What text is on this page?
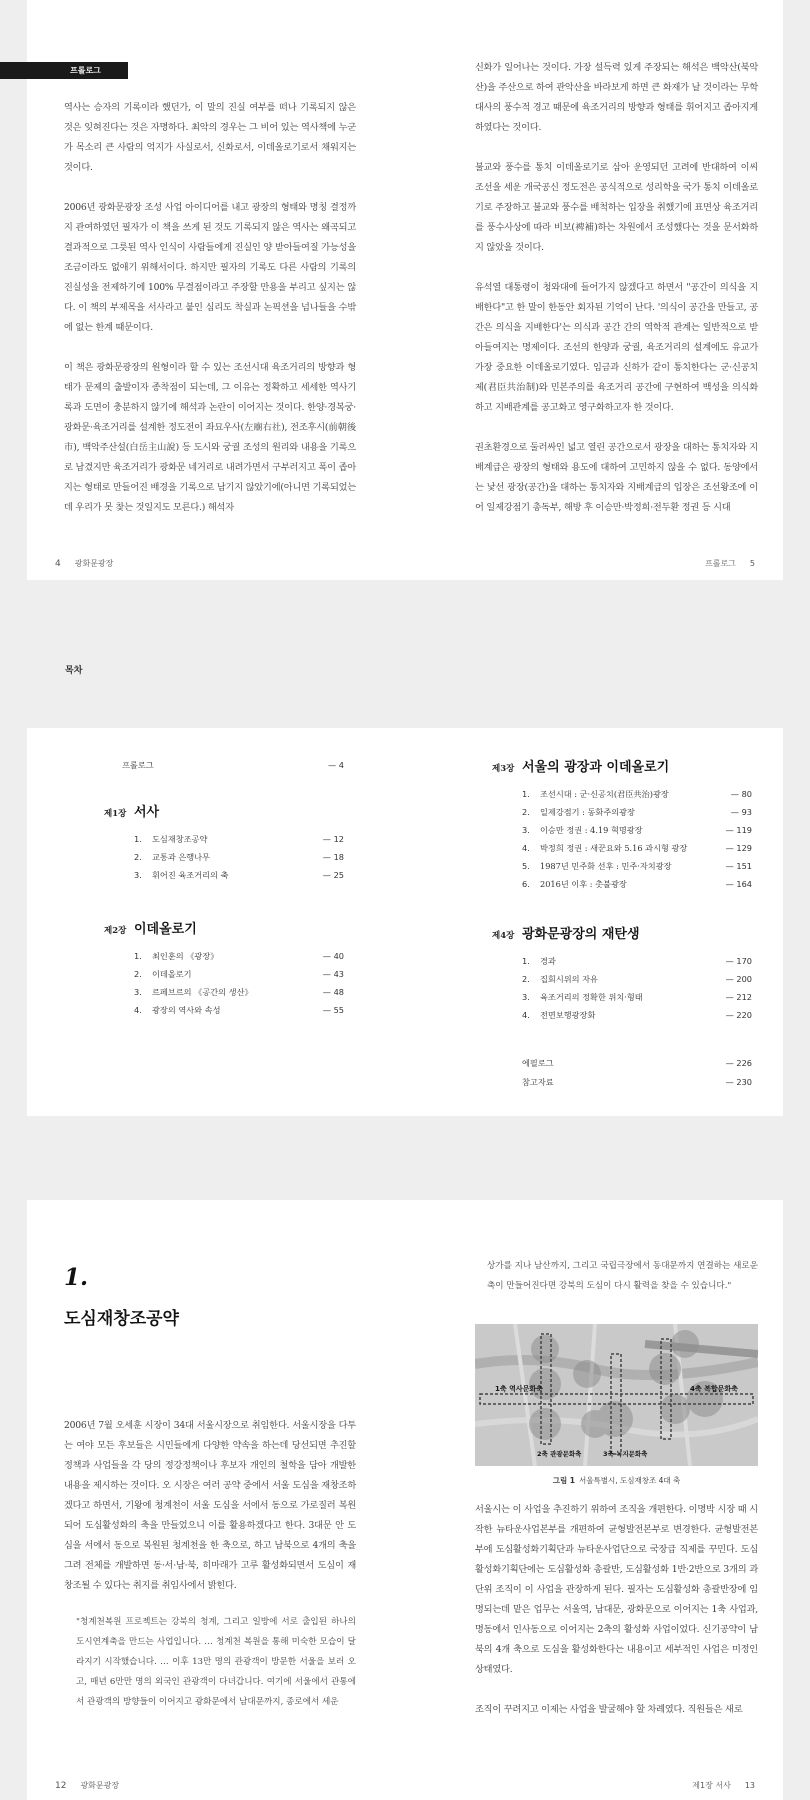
프롤로그

역사는 승자의 기록이라 했던가, 이 말의 진실 여부를 떠나 기록되지 않은 것은 잊혀진다는 것은 자명하다. 최악의 경우는 그 비어 있는 역사책에 누군가 목소리 큰 사람의 억지가 사실로서, 신화로서, 이데올로기로서 채워지는 것이다.

2006년 광화문광장 조성 사업 아이디어를 내고 광장의 형태와 명칭 결정까지 관여하였던 필자가 이 책을 쓰게 된 것도 기록되지 않은 역사는 왜곡되고 결과적으로 그릇된 역사 인식이 사람들에게 진실인 양 받아들여질 가능성을 조금이라도 없애기 위해서이다. 하지만 필자의 기록도 다른 사람의 기록의 진실성을 전제하기에 100% 무결점이라고 주장할 만용을 부리고 싶지는 않다. 이 책의 부제목을 서사라고 붙인 심리도 착실과 논픽션을 넘나들을 수밖에 없는 한계 때문이다.

이 책은 광화문광장의 원형이라 할 수 있는 조선시대 육조거리의 방향과 형태가 문제의 출발이자 종착점이 되는데, 그 이유는 정확하고 세세한 역사기록과 도면이 충분하지 않기에 해석과 논란이 이어지는 것이다. 한양·경복궁·광화문·육조거리를 설계한 정도전이 좌묘우사(左廟右社), 전조후시(前朝後市), 백악주산설(白岳主山說) 등 도시와 궁궐 조성의 원리와 내용을 기록으로 남겼지만 육조거리가 광화문 네거리로 내려가면서 구부러지고 폭이 좁아지는 형태로 만들어진 배경을 기록으로 남기지 않았기에(아니면 기록되었는데 우리가 못 찾는 것일지도 모른다.) 해석자

신화가 일어나는 것이다. 가장 설득력 있게 주장되는 해석은 백악산(북악산)을 주산으로 하여 관악산을 바라보게 하면 큰 화재가 날 것이라는 무학대사의 풍수적 경고 때문에 육조거리의 방향과 형태를 휘어지고 좁아지게 하였다는 것이다.

불교와 풍수를 통치 이데올로기로 삼아 운영되던 고려에 반대하여 이씨 조선을 세운 개국공신 정도전은 공식적으로 성리학을 국가 통치 이데올로기로 주장하고 불교와 풍수를 배척하는 입장을 취했기에 표면상 육조거리를 풍수사상에 따라 비보(裨補)하는 차원에서 조성했다는 것을 문서화하지 않았을 것이다.

유석열 대통령이 청와대에 들어가지 않겠다고 하면서 "공간이 의식을 지배한다"고 한 말이 한동안 회자된 기억이 난다. '의식이 공간을 만들고, 공간은 의식을 지배한다'는 의식과 공간 간의 역학적 관계는 일반적으로 받아들여지는 명제이다. 조선의 한양과 궁궐, 육조거리의 설계에도 유교가 가장 중요한 이데올로기였다. 임금과 신하가 같이 통치한다는 군·신공치제(君臣共治制)와 민본주의를 육조거리 공간에 구현하여 백성을 의식화하고 지배관계를 공고화고 영구화하고자 한 것이다.

권초환경으로 둘러싸인 넓고 열린 공간으로서 광장을 대하는 통치자와 지배계급은 광장의 형태와 용도에 대하여 고민하지 않을 수 없다. 동양에서는 낯선 광장(공간)을 대하는 통치자와 지배계급의 입장은 조선왕조에 이어 일제강점기 총독부, 해방 후 이승만·박정희·전두환 정권 등 시대

4 광화문광장	프롤로그 5
목차
프롤로그	— 4
제1장 서사
1.	도심재창조공약	— 12
2.	교통과 은행나무	— 18
3.	휘어진 육조거리의 축	— 25
제2장 이데올로기
1.	최인훈의 《광장》	— 40
2.	이데올로기	— 43
3.	르페브르의 《공간의 생산》	— 48
4.	광장의 역사와 속성	— 55
제3장 서울의 광장과 이데올로기
1.	조선시대 : 군·신공치(君臣共治)광장	— 80
2.	일제강점기 : 동화주의광장	— 93
3.	이승만 정권 : 4.19 혁명광장	— 119
4.	박정희 정권 : 새꾼요와 5.16 과시형 광장	— 129
5.	1987년 민주화 선후 : 민주·자치광장	— 151
6.	2016년 이후 : 촛불광장	— 164
제4장 광화문광장의 재탄생
1.	경과	— 170
2.	집회시위의 자유	— 200
3.	육조거리의 정확한 위치·형태	— 212
4.	전면보행광장화	— 220
에필로그	— 226
참고자료	— 230
1.
도심재창조공약

2006년 7월 오세훈 시장이 34대 서울시장으로 취임한다. 서울시장을 다투는 여야 모든 후보들은 시민들에게 다양한 약속을 하는데 당선되면 추진할 정책과 사업들을 각 당의 정강정책이나 후보자 개인의 철학을 담아 개발한 내용을 제시하는 것이다. 오 시장은 여러 공약 중에서 서울 도심을 재창조하겠다고 하면서, 기왕에 청계천이 서울 도심을 서에서 동으로 가로질러 복원되어 도심활성화의 축을 만들었으니 이를 활용하겠다고 한다. 3대문 안 도심을 서에서 동으로 복원된 청계천을 한 축으로, 하고 남북으로 4개의 축을 그려 전체를 개발하면 동·서·남·북, 히마래가 고루 활성화되면서 도심이 재창조될 수 있다는 취지를 취임사에서 밝힌다.

"청계천복원 프로젝트는 강북의 청계, 그리고 일방에 서로 출입된 하나의 도시연계축을 만드는 사업입니다. … 청계천 복원을 통해 미숙한 모습이 달라지기 시작했습니다. … 이후 13만 명의 관광객이 방문한 서울을 보러 오고, 매년 6만만 명의 외국인 관광객이 다녀갑니다. 여기에 서울에서 관통에서 관광객의 방향들이 이어지고 광화문에서 남대문까지, 종로에서 세운

상가를 지나 남산까지, 그리고 국립극장에서 동대문까지 연결하는 새로운 축이 만들어진다면 강북의 도심이 다시 활력을 찾을 수 있습니다."

1축 역사문화축	4축 복합문화축
2축 관광문화축	3축 녹지문화축
그림 1 서울특별시, 도심재창조 4대 축

서울시는 이 사업을 추진하기 위하여 조직을 개편한다. 이명박 시장 때 시작한 뉴타운사업본부를 개편하여 균형발전본부로 변경한다. 균형발전본부에 도심활성화기획단과 뉴타운사업단으로 국장급 직제를 꾸민다. 도심활성화기획단에는 도심활성화 총괄반, 도심활성화 1반·2반으로 3개의 과 단위 조직이 이 사업을 관장하게 된다. 필자는 도심활성화 총괄반장에 임명되는데 맡은 업무는 서울역, 남대문, 광화문으로 이어지는 1축 사업과, 명동에서 인사동으로 이어지는 2축의 활성화 사업이었다. 신기공약이 남북의 4개 축으로 도심을 활성화한다는 내용이고 세부적인 사업은 미정인 상태였다.

조직이 꾸려지고 이제는 사업을 발굴해야 할 차례였다. 직원들은 새로

12 광화문광장	제1장 서사 13
